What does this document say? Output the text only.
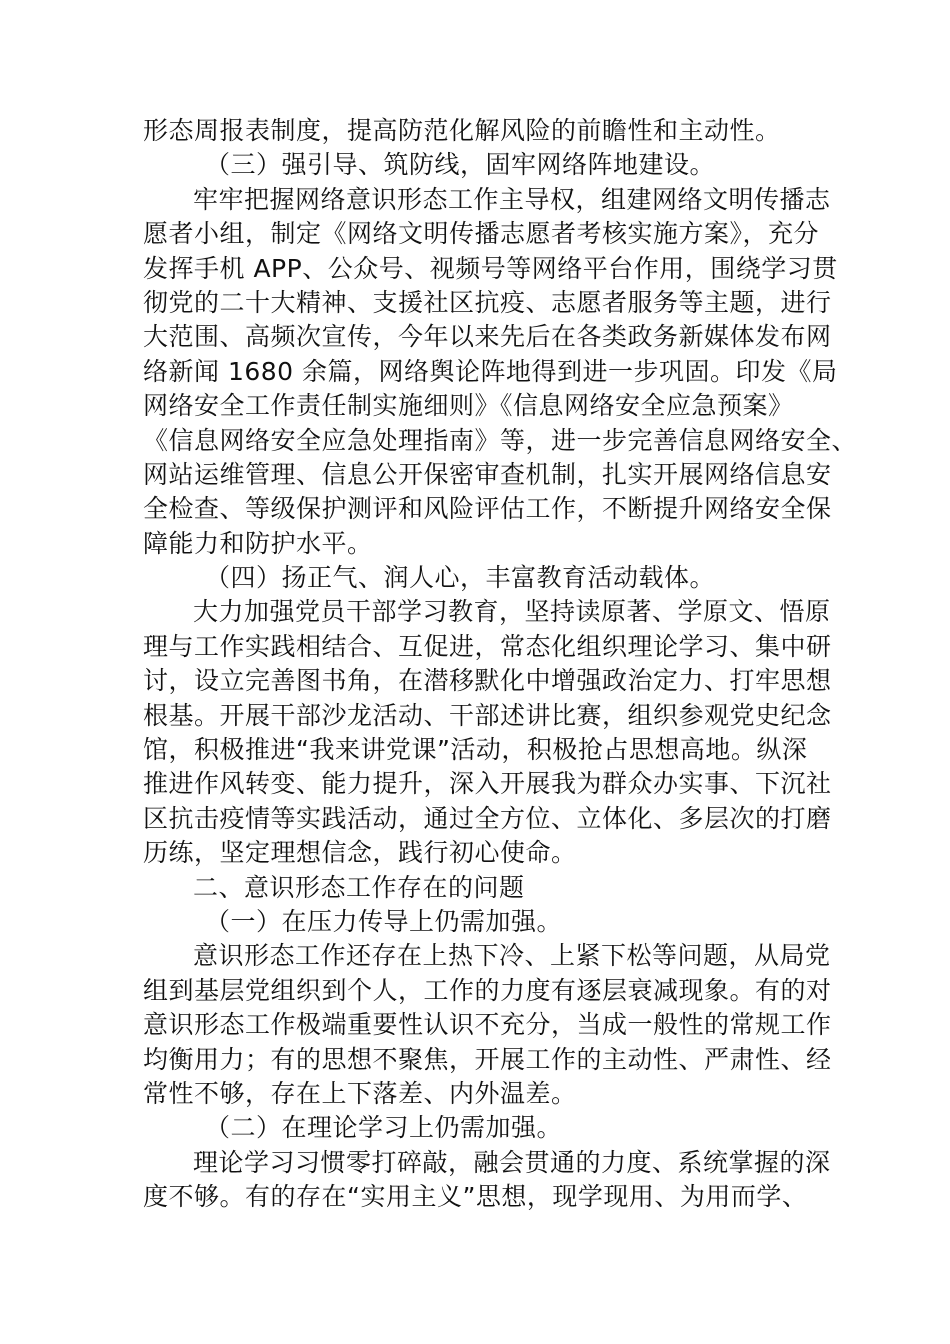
形态周报表制度，提高防范化解风险的前瞻性和主动性。
（三）强引导、筑防线，固牢网络阵地建设。
牢牢把握网络意识形态工作主导权，组建网络文明传播志
愿者小组，制定《网络文明传播志愿者考核实施方案》，充分
发挥手机 APP、公众号、视频号等网络平台作用，围绕学习贯
彻党的二十大精神、支援社区抗疫、志愿者服务等主题，进行
大范围、高频次宣传，今年以来先后在各类政务新媒体发布网
络新闻 1680 余篇，网络舆论阵地得到进一步巩固。印发《局
网络安全工作责任制实施细则》《信息网络安全应急预案》
《信息网络安全应急处理指南》等，进一步完善信息网络安全、
网站运维管理、信息公开保密审查机制，扎实开展网络信息安
全检查、等级保护测评和风险评估工作，不断提升网络安全保
障能力和防护水平。
（四）扬正气、润人心，丰富教育活动载体。
大力加强党员干部学习教育，坚持读原著、学原文、悟原
理与工作实践相结合、互促进，常态化组织理论学习、集中研
讨，设立完善图书角，在潜移默化中增强政治定力、打牢思想
根基。开展干部沙龙活动、干部述讲比赛，组织参观党史纪念
馆，积极推进“我来讲党课”活动，积极抢占思想高地。纵深
推进作风转变、能力提升，深入开展我为群众办实事、下沉社
区抗击疫情等实践活动，通过全方位、立体化、多层次的打磨
历练，坚定理想信念，践行初心使命。
二、意识形态工作存在的问题
（一）在压力传导上仍需加强。
意识形态工作还存在上热下冷、上紧下松等问题，从局党
组到基层党组织到个人，工作的力度有逐层衰减现象。有的对
意识形态工作极端重要性认识不充分，当成一般性的常规工作
均衡用力；有的思想不聚焦，开展工作的主动性、严肃性、经
常性不够，存在上下落差、内外温差。
（二）在理论学习上仍需加强。
理论学习习惯零打碎敲，融会贯通的力度、系统掌握的深
度不够。有的存在“实用主义”思想，现学现用、为用而学、
